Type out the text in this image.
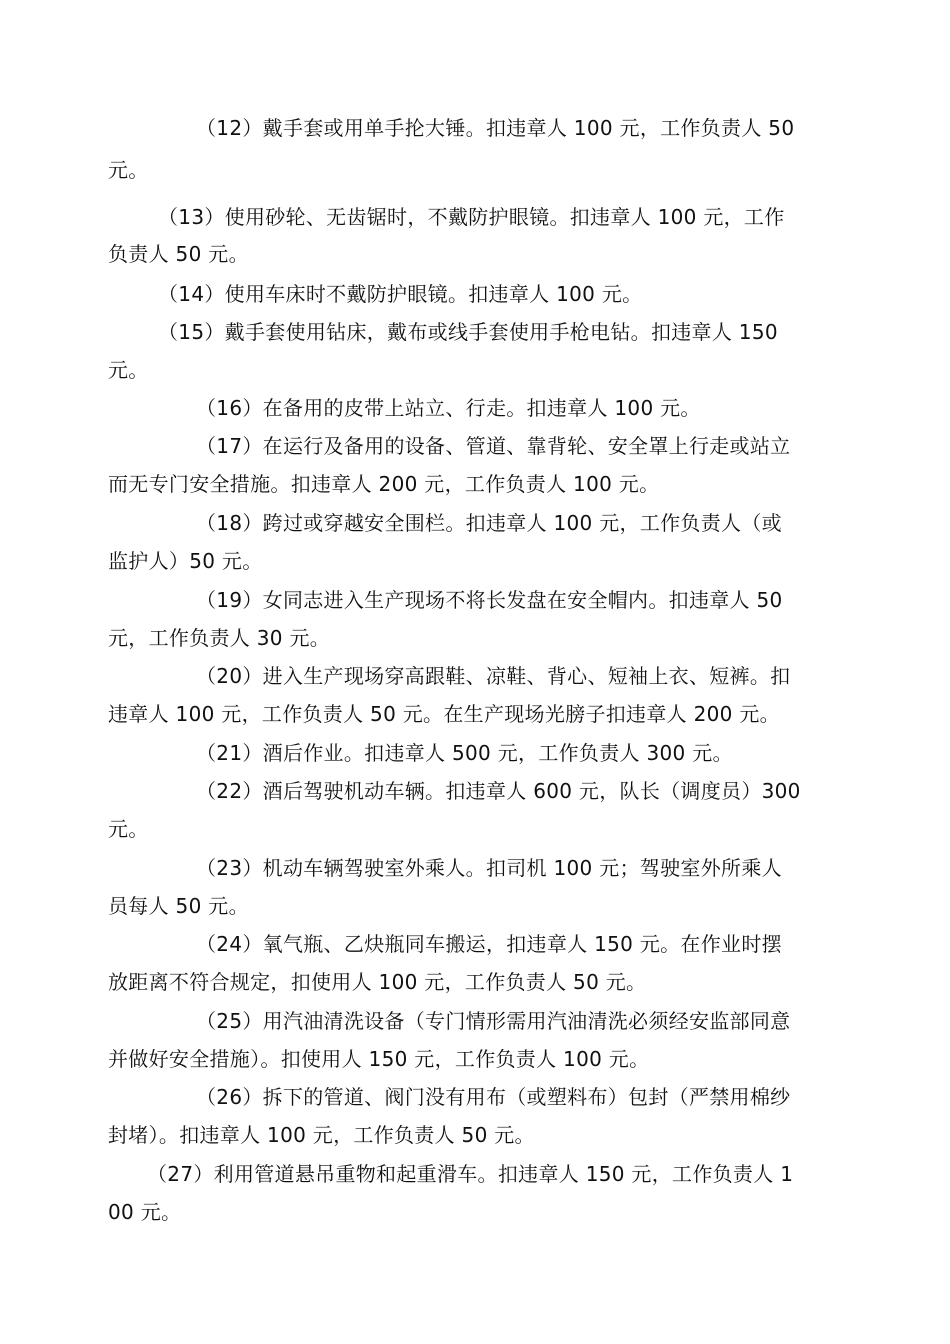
（12）戴手套或用单手抡大锤。扣违章人 100 元，工作负责人 50
元。
（13）使用砂轮、无齿锯时，不戴防护眼镜。扣违章人 100 元，工作
负责人 50 元。
（14）使用车床时不戴防护眼镜。扣违章人 100 元。
（15）戴手套使用钻床，戴布或线手套使用手枪电钻。扣违章人 150
元。
（16）在备用的皮带上站立、行走。扣违章人 100 元。
（17）在运行及备用的设备、管道、靠背轮、安全罩上行走或站立
而无专门安全措施。扣违章人 200 元，工作负责人 100 元。
（18）跨过或穿越安全围栏。扣违章人 100 元，工作负责人（或
监护人）50 元。
（19）女同志进入生产现场不将长发盘在安全帽内。扣违章人 50
元，工作负责人 30 元。
（20）进入生产现场穿高跟鞋、凉鞋、背心、短袖上衣、短裤。扣
违章人 100 元，工作负责人 50 元。在生产现场光膀子扣违章人 200 元。
（21）酒后作业。扣违章人 500 元，工作负责人 300 元。
（22）酒后驾驶机动车辆。扣违章人 600 元，队长（调度员）300
元。
（23）机动车辆驾驶室外乘人。扣司机 100 元；驾驶室外所乘人
员每人 50 元。
（24）氧气瓶、乙炔瓶同车搬运，扣违章人 150 元。在作业时摆
放距离不符合规定，扣使用人 100 元，工作负责人 50 元。
（25）用汽油清洗设备（专门情形需用汽油清洗必须经安监部同意
并做好安全措施）。扣使用人 150 元，工作负责人 100 元。
（26）拆下的管道、阀门没有用布（或塑料布）包封（严禁用棉纱
封堵）。扣违章人 100 元，工作负责人 50 元。
（27）利用管道悬吊重物和起重滑车。扣违章人 150 元，工作负责人 1
00 元。
